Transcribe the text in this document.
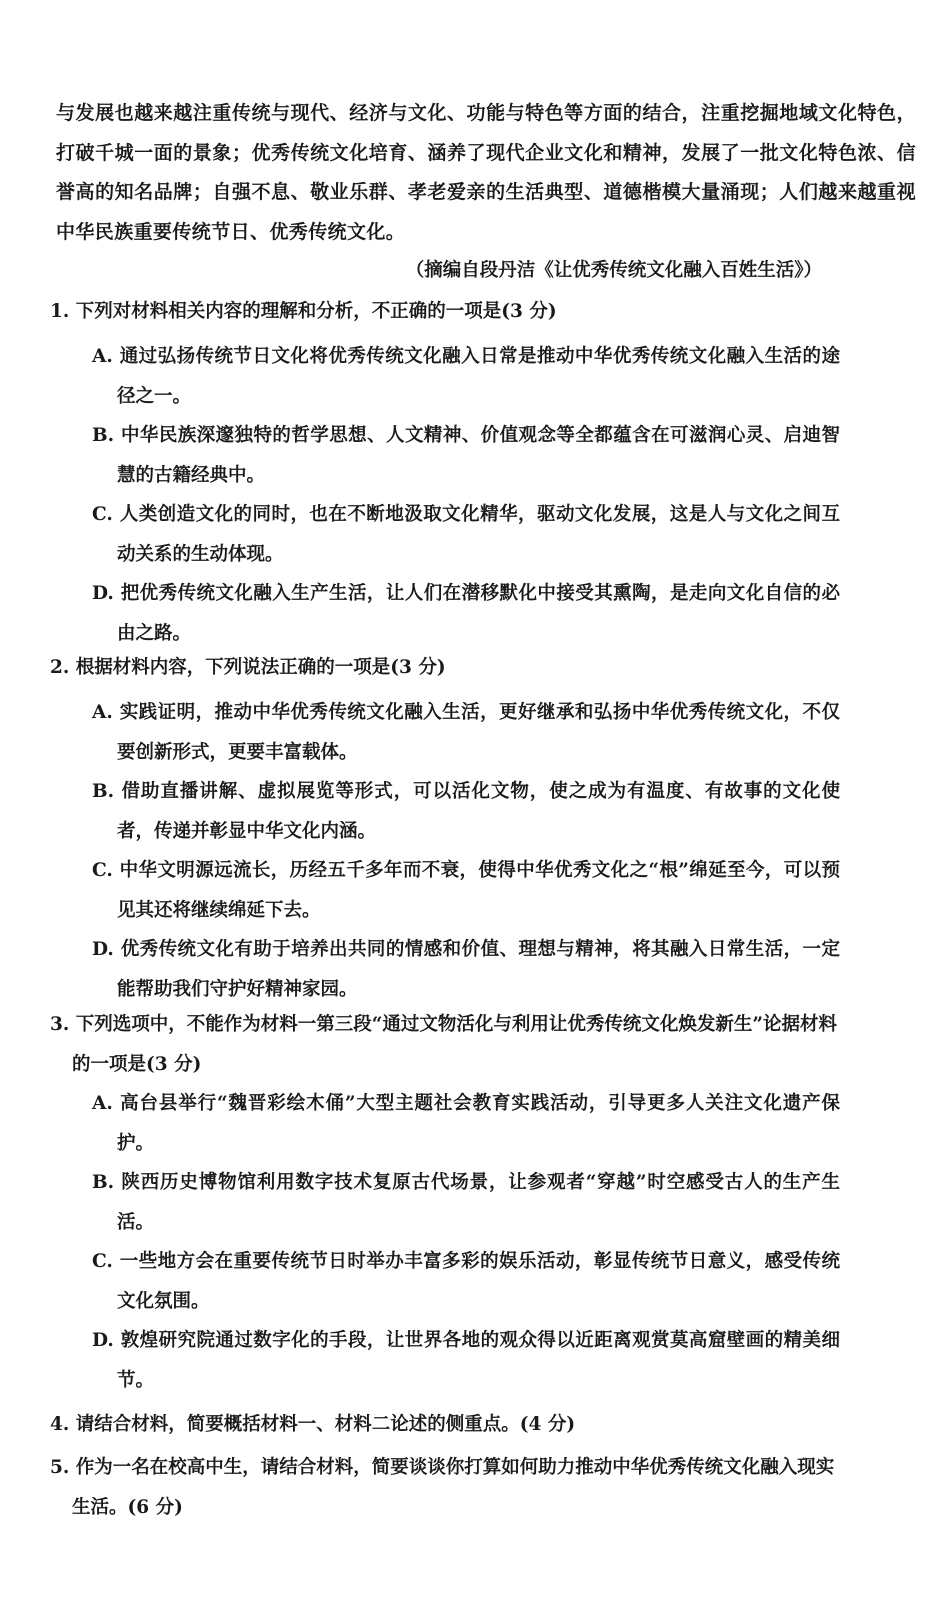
与发展也越来越注重传统与现代、经济与文化、功能与特色等方面的结合，注重挖掘地域文化特色，打破千城一面的景象；优秀传统文化培育、涵养了现代企业文化和精神，发展了一批文化特色浓、信誉高的知名品牌；自强不息、敬业乐群、孝老爱亲的生活典型、道德楷模大量涌现；人们越来越重视中华民族重要传统节日、优秀传统文化。
（摘编自段丹洁《让优秀传统文化融入百姓生活》）
1. 下列对材料相关内容的理解和分析，不正确的一项是(3 分)
A. 通过弘扬传统节日文化将优秀传统文化融入日常是推动中华优秀传统文化融入生活的途径之一。
B. 中华民族深邃独特的哲学思想、人文精神、价值观念等全都蕴含在可滋润心灵、启迪智慧的古籍经典中。
C. 人类创造文化的同时，也在不断地汲取文化精华，驱动文化发展，这是人与文化之间互动关系的生动体现。
D. 把优秀传统文化融入生产生活，让人们在潜移默化中接受其熏陶，是走向文化自信的必由之路。
2. 根据材料内容，下列说法正确的一项是(3 分)
A. 实践证明，推动中华优秀传统文化融入生活，更好继承和弘扬中华优秀传统文化，不仅要创新形式，更要丰富载体。
B. 借助直播讲解、虚拟展览等形式，可以活化文物，使之成为有温度、有故事的文化使者，传递并彰显中华文化内涵。
C. 中华文明源远流长，历经五千多年而不衰，使得中华优秀文化之“根”绵延至今，可以预见其还将继续绵延下去。
D. 优秀传统文化有助于培养出共同的情感和价值、理想与精神，将其融入日常生活，一定能帮助我们守护好精神家园。
3. 下列选项中，不能作为材料一第三段“通过文物活化与利用让优秀传统文化焕发新生”论据材料的一项是(3 分)
A. 高台县举行“魏晋彩绘木俑”大型主题社会教育实践活动，引导更多人关注文化遗产保护。
B. 陕西历史博物馆利用数字技术复原古代场景，让参观者“穿越”时空感受古人的生产生活。
C. 一些地方会在重要传统节日时举办丰富多彩的娱乐活动，彰显传统节日意义，感受传统文化氛围。
D. 敦煌研究院通过数字化的手段，让世界各地的观众得以近距离观赏莫高窟壁画的精美细节。
4. 请结合材料，简要概括材料一、材料二论述的侧重点。(4 分)
5. 作为一名在校高中生，请结合材料，简要谈谈你打算如何助力推动中华优秀传统文化融入现实生活。(6 分)
